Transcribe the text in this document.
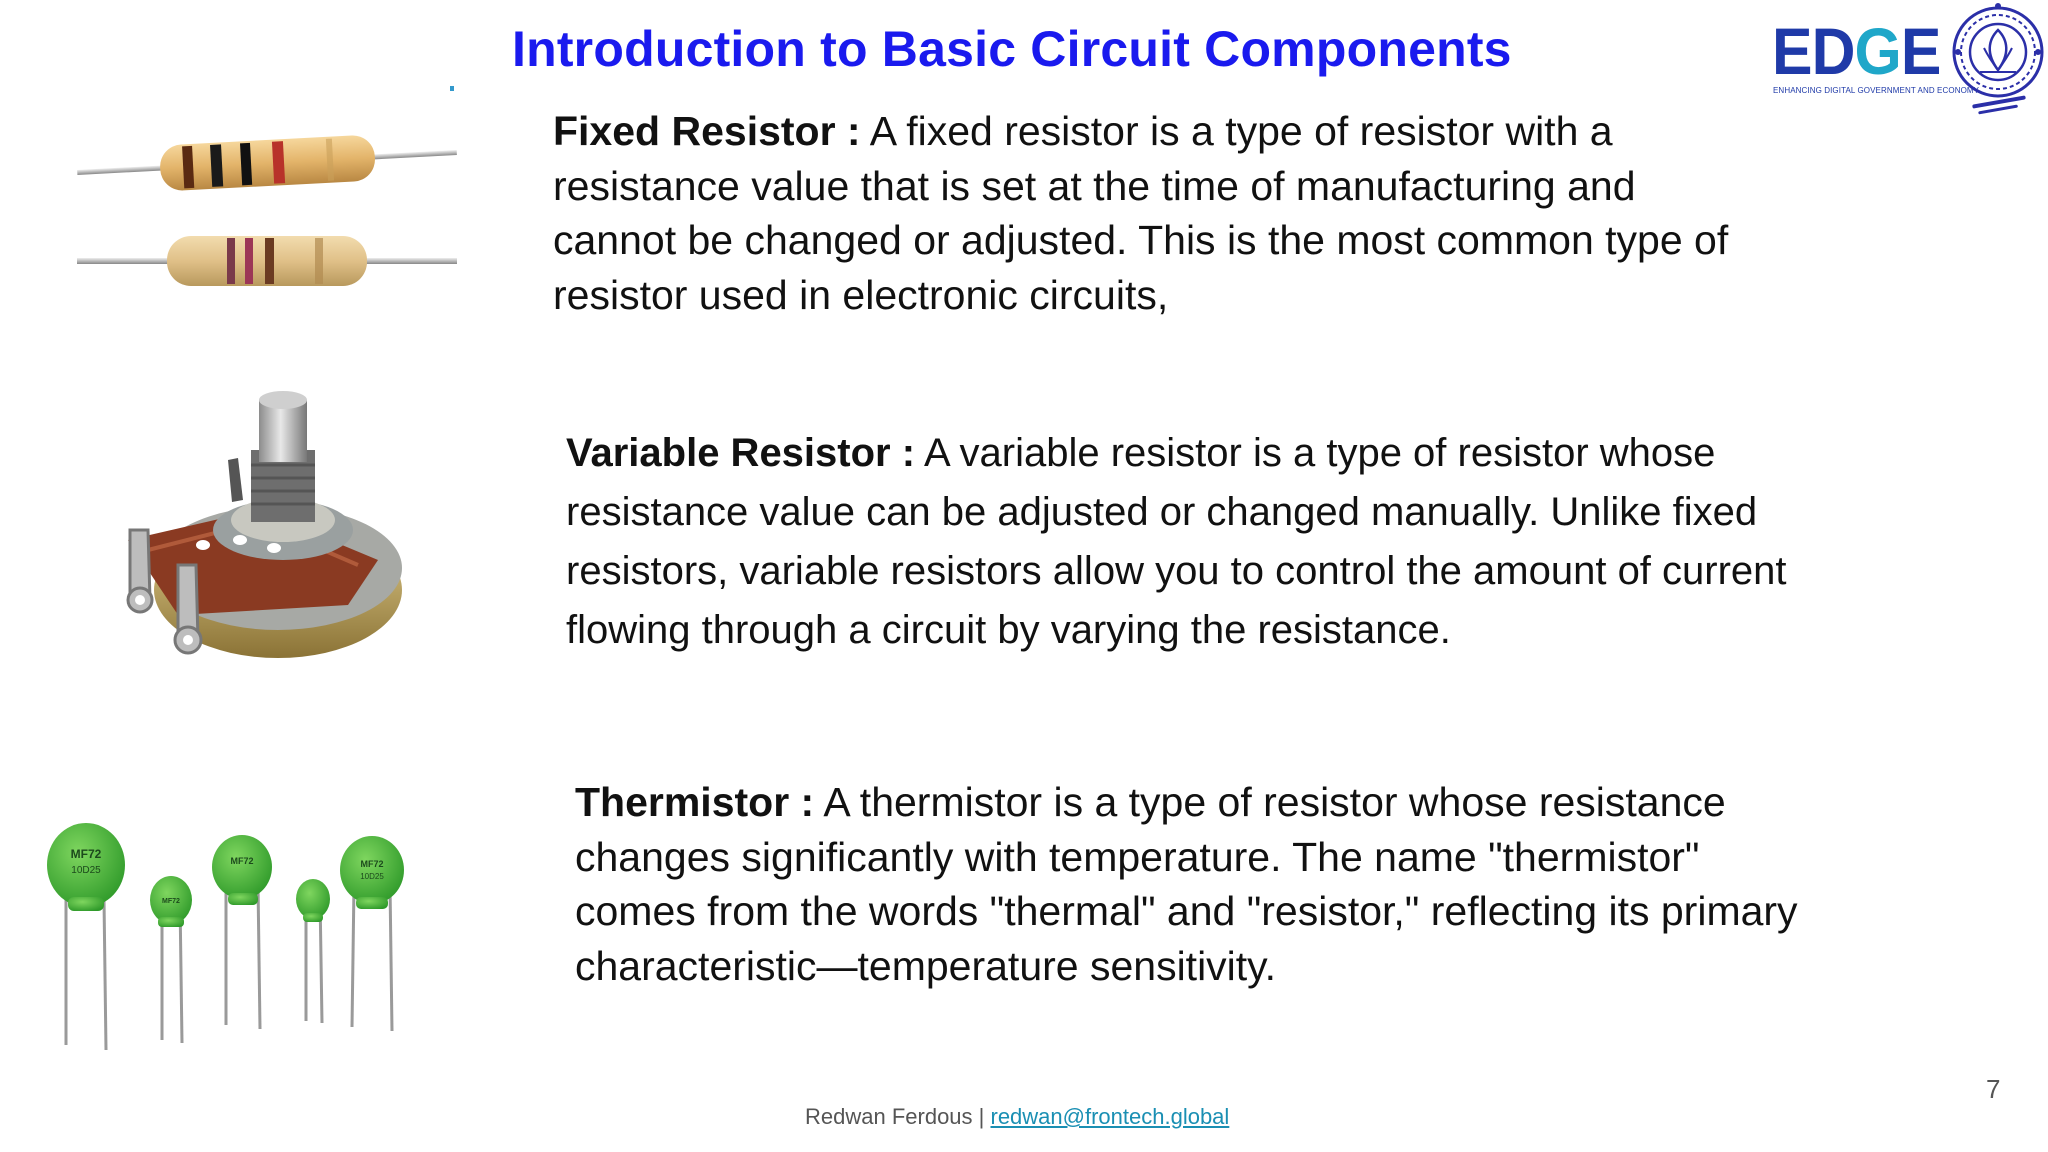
Introduction to Basic Circuit Components	EDGE
ENHANCING DIGITAL GOVERNMENT AND ECONOMY
MF72
10D25
MF72
MF72	MF72
10D25

Fixed Resistor : A fixed resistor is a type of resistor with a

resistance value that is set at the time of manufacturing and

cannot be changed or adjusted. This is the most common type of

resistor used in electronic circuits,

Variable Resistor : A variable resistor is a type of resistor whose

resistance value can be adjusted or changed manually. Unlike fixed

resistors, variable resistors allow you to control the amount of current

flowing through a circuit by varying the resistance.

Thermistor : A thermistor is a type of resistor whose resistance

changes significantly with temperature. The name "thermistor"

comes from the words "thermal" and "resistor," reflecting its primary

characteristic—temperature sensitivity.

Redwan Ferdous | redwan@frontech.global
7
